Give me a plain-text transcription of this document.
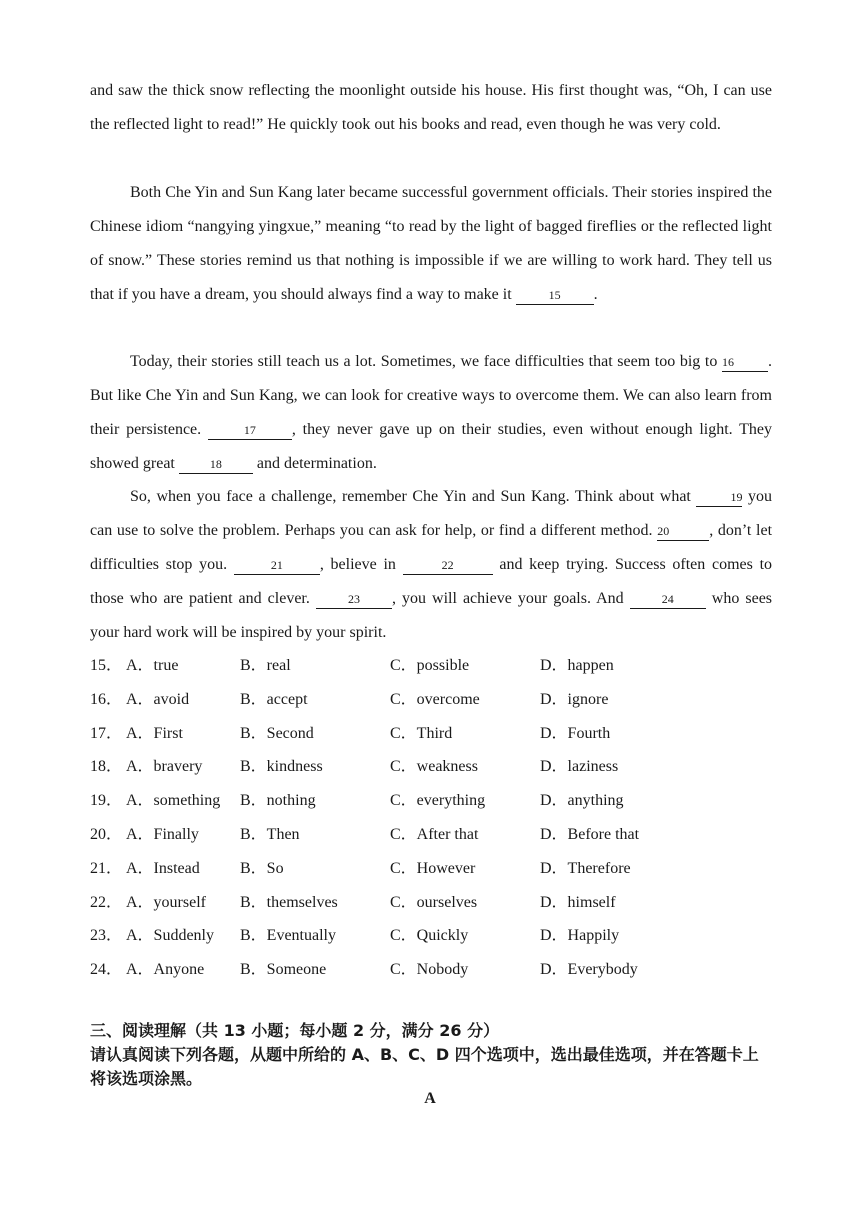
and saw the thick snow reflecting the moonlight outside his house. His first thought was, “Oh, I can use the reflected light to read!” He quickly took out his books and read, even though he was very cold.
Both Che Yin and Sun Kang later became successful government officials. Their stories inspired the Chinese idiom “nangying yingxue,” meaning “to read by the light of bagged fireflies or the reflected light of snow.” These stories remind us that nothing is impossible if we are willing to work hard. They tell us that if you have a dream, you should always find a way to make it	15 .
Today, their stories still teach us a lot. Sometimes, we face difficulties that seem too big to 16 . But like Che Yin and Sun Kang, we can look for creative ways to overcome them. We can also learn from their persistence.	17 , they never gave up on their studies, even without enough light. They showed great	18 and determination.
So, when you face a challenge, remember Che Yin and Sun Kang. Think about what	19 you can use to solve the problem. Perhaps you can ask for help, or find a different method. 20	, don’t let difficulties stop you.	21 , believe in	22	and keep trying. Success often comes to those who are patient and clever.	23 , you will achieve your goals. And	24 who sees your hard work will be inspired by your spirit.
15． A．true	B．real	C．possible	D．happen
16． A．avoid	B．accept	C．overcome	D．ignore
17． A．First	B．Second	C．Third	D．Fourth
18． A．bravery B．kindness	C．weakness	D．laziness
19． A．something B．nothing	C．everything	D．anything
20． A．Finally	B．Then	C．After that	D．Before that
21． A．Instead	B．So	C．However	D．Therefore
22． A．yourself B．themselves	C．ourselves	D．himself
23． A．Suddenly B．Eventually	C．Quickly	D．Happily
24． A．Anyone B．Someone	C．Nobody	D．Everybody
三、阅读理解（共 13 小题；每小题 2 分，满分 26 分）
请认真阅读下列各题，从题中所给的 A、B、C、D 四个选项中，选出最佳选项，并在答题卡上将该选项涂黑。
A
